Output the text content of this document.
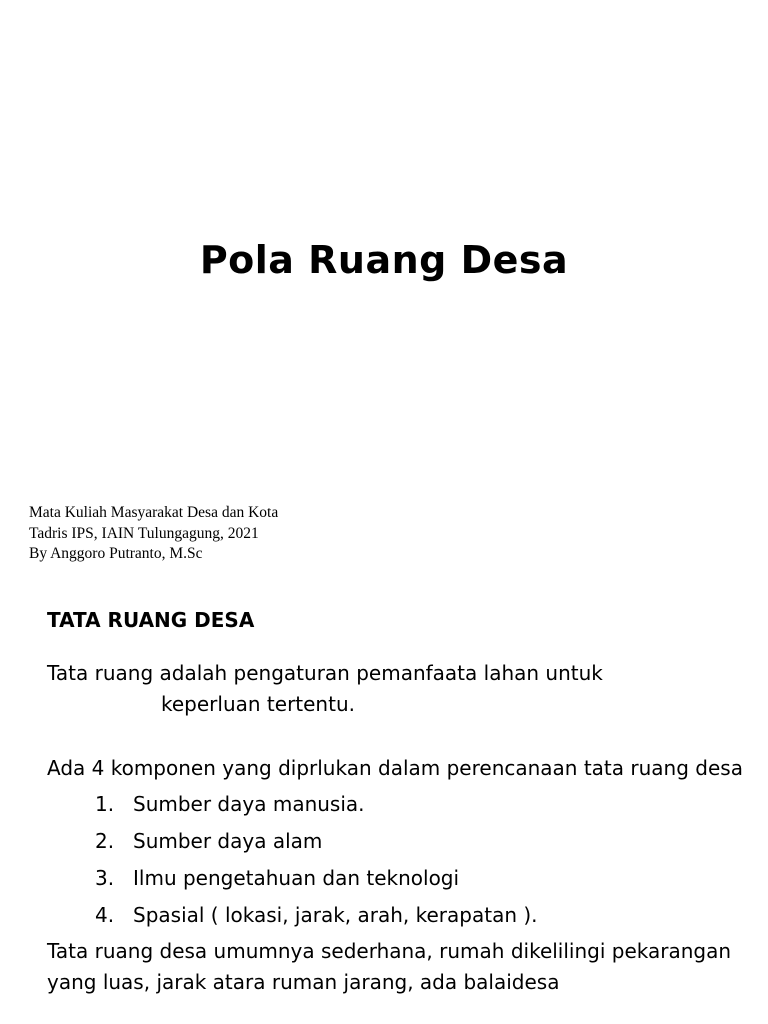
Pola Ruang Desa
Mata Kuliah Masyarakat Desa dan Kota
Tadris IPS, IAIN Tulungagung, 2021
By Anggoro Putranto, M.Sc
TATA RUANG DESA

Tata ruang adalah pengaturan pemanfaata lahan untuk
keperluan tertentu.

Ada 4 komponen yang diprlukan dalam perencanaan tata ruang desa

1. Sumber daya manusia.
2. Sumber daya alam
3. Ilmu pengetahuan dan teknologi
4. Spasial ( lokasi, jarak, arah, kerapatan ).

Tata ruang desa umumnya sederhana, rumah dikelilingi pekarangan yang luas, jarak atara ruman jarang, ada balaidesa
